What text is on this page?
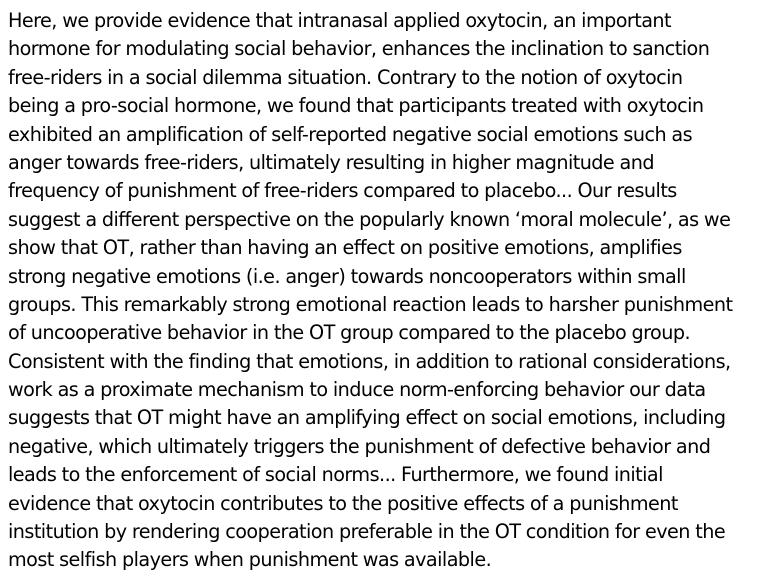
Here, we provide evidence that intranasal applied oxytocin, an important
hormone for modulating social behavior, enhances the inclination to sanction
free-riders in a social dilemma situation. Contrary to the notion of oxytocin
being a pro-social hormone, we found that participants treated with oxytocin
exhibited an amplification of self-reported negative social emotions such as
anger towards free-riders, ultimately resulting in higher magnitude and
frequency of punishment of free-riders compared to placebo... Our results
suggest a different perspective on the popularly known ‘moral molecule’, as we
show that OT, rather than having an effect on positive emotions, amplifies
strong negative emotions (i.e. anger) towards noncooperators within small
groups. This remarkably strong emotional reaction leads to harsher punishment
of uncooperative behavior in the OT group compared to the placebo group.
Consistent with the finding that emotions, in addition to rational considerations,
work as a proximate mechanism to induce norm-enforcing behavior our data
suggests that OT might have an amplifying effect on social emotions, including
negative, which ultimately triggers the punishment of defective behavior and
leads to the enforcement of social norms... Furthermore, we found initial
evidence that oxytocin contributes to the positive effects of a punishment
institution by rendering cooperation preferable in the OT condition for even the
most selfish players when punishment was available.
